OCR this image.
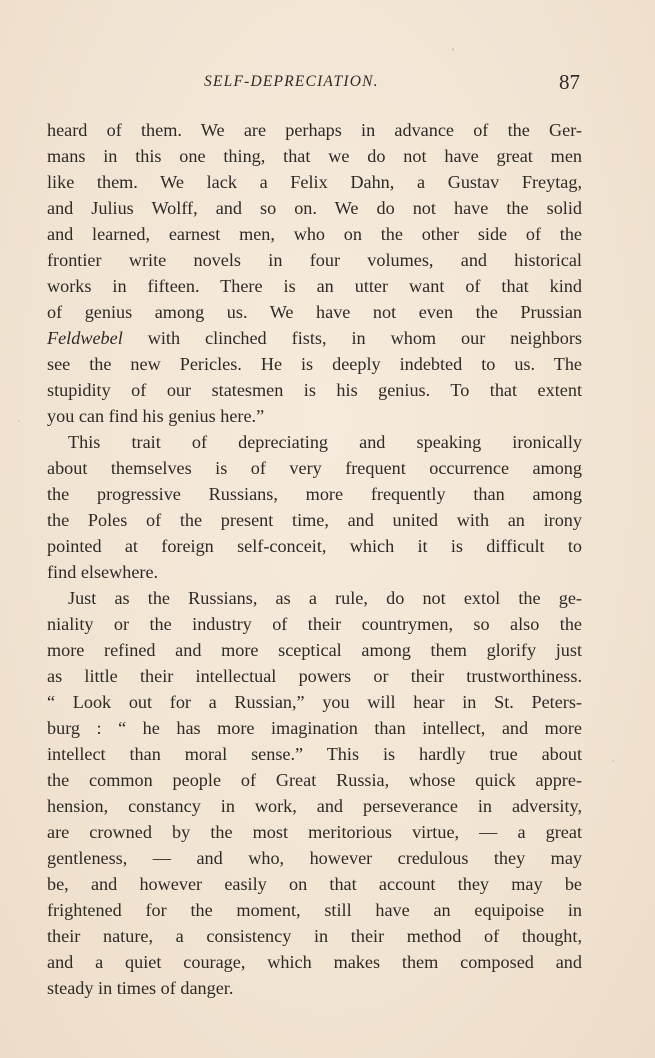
SELF-DEPRECIATION.	87
heard of them. We are perhaps in advance of the Ger-
mans in this one thing, that we do not have great men
like them. We lack a Felix Dahn, a Gustav Freytag,
and Julius Wolff, and so on. We do not have the solid
and learned, earnest men, who on the other side of the
frontier write novels in four volumes, and historical
works in fifteen. There is an utter want of that kind
of genius among us. We have not even the Prussian
Feldwebel with clinched fists, in whom our neighbors
see the new Pericles. He is deeply indebted to us. The
stupidity of our statesmen is his genius. To that extent
you can find his genius here.”
This trait of depreciating and speaking ironically
about themselves is of very frequent occurrence among
the progressive Russians, more frequently than among
the Poles of the present time, and united with an irony
pointed at foreign self-conceit, which it is difficult to
find elsewhere.
Just as the Russians, as a rule, do not extol the ge-
niality or the industry of their countrymen, so also the
more refined and more sceptical among them glorify just
as little their intellectual powers or their trustworthiness.
“ Look out for a Russian,” you will hear in St. Peters-
burg : “ he has more imagination than intellect, and more
intellect than moral sense.” This is hardly true about
the common people of Great Russia, whose quick appre-
hension, constancy in work, and perseverance in adversity,
are crowned by the most meritorious virtue, — a great
gentleness, — and who, however credulous they may
be, and however easily on that account they may be
frightened for the moment, still have an equipoise in
their nature, a consistency in their method of thought,
and a quiet courage, which makes them composed and
steady in times of danger.
